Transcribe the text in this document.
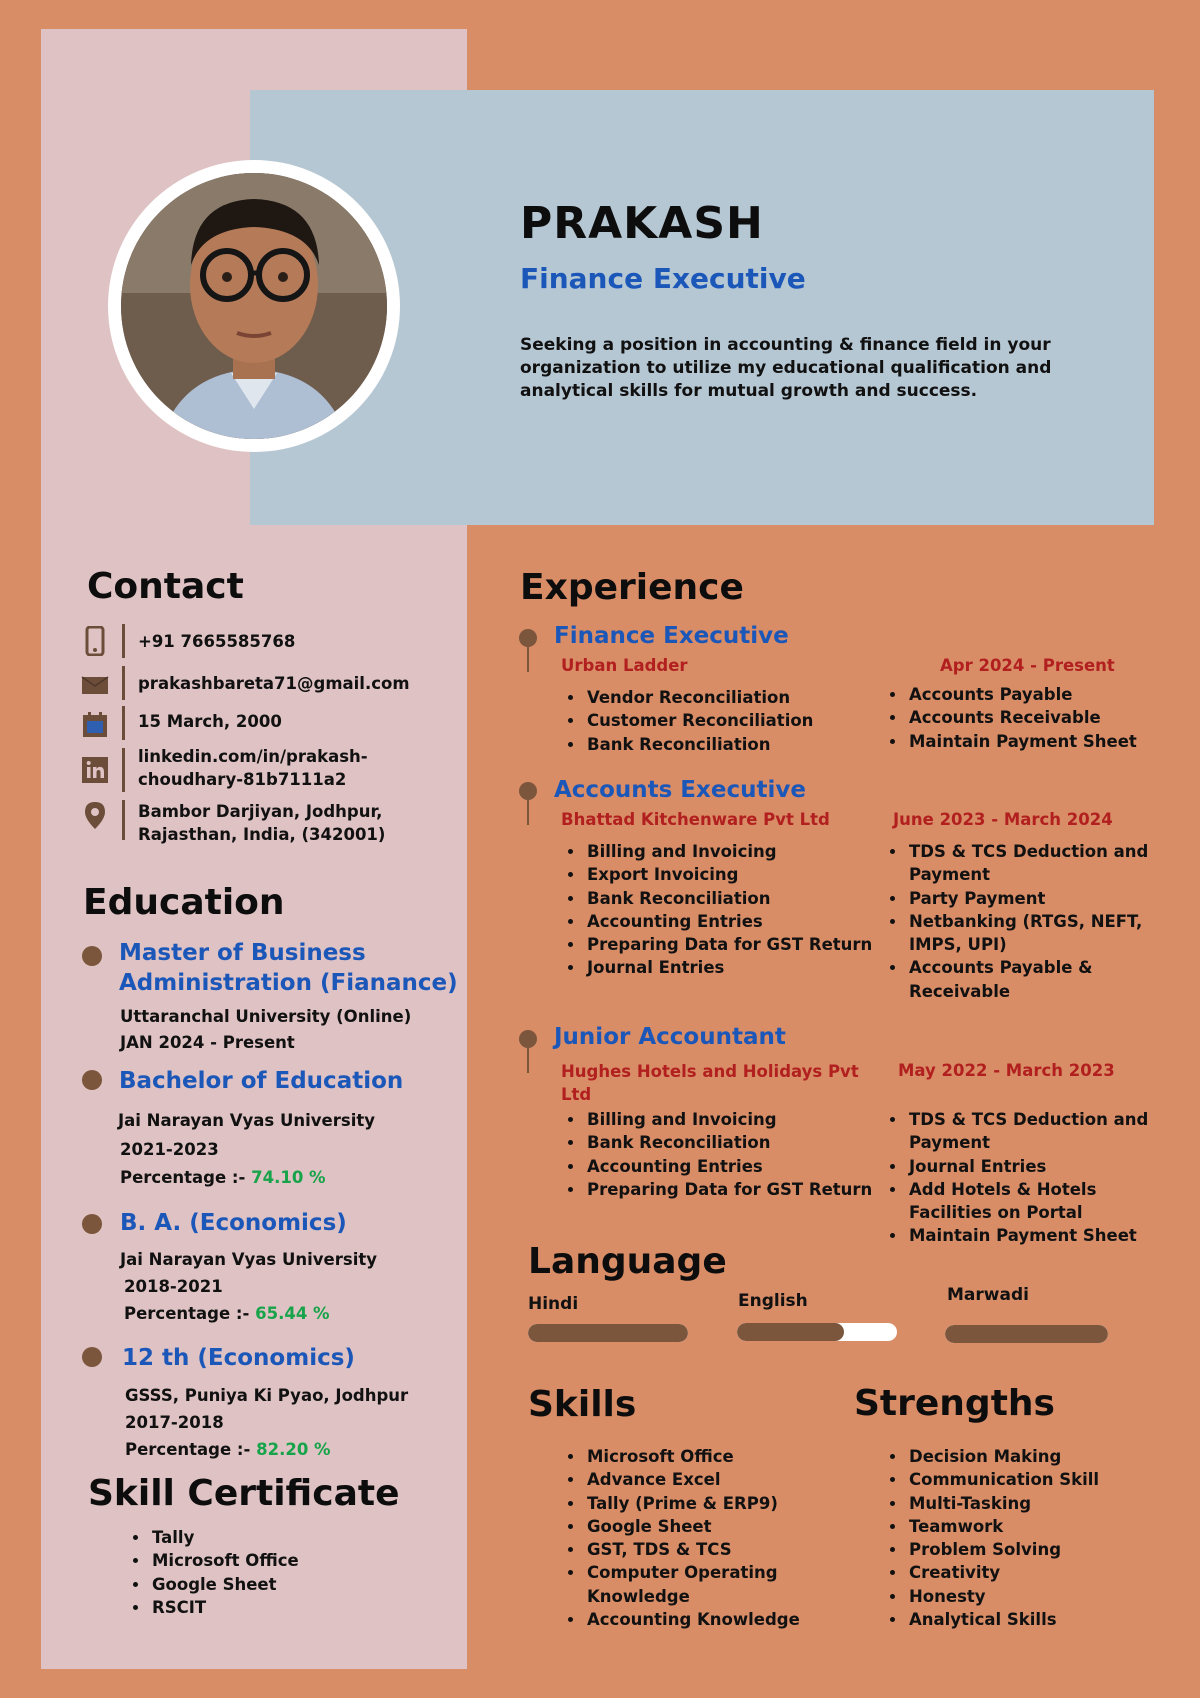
PRAKASH
Finance Executive
Seeking a position in accounting & finance field in your organization to utilize my educational qualification and analytical skills for mutual growth and success.
Contact
+91 7665585768
prakashbareta71@gmail.com
15 March, 2000
linkedin.com/in/prakash-
choudhary-81b7111a2
Bambor Darjiyan, Jodhpur,
Rajasthan, India, (342001)
Education
Master of Business
Administration (Fianance)
Uttaranchal University (Online)
JAN 2024 - Present
Bachelor of Education
Jai Narayan Vyas University
2021-2023
Percentage :- 74.10 %
B. A. (Economics)
Jai Narayan Vyas University
2018-2021
Percentage :- 65.44 %
12 th (Economics)
GSSS, Puniya Ki Pyao, Jodhpur
2017-2018
Percentage :- 82.20 %
Skill Certificate
• Tally
• Microsoft Office
• Google Sheet
• RSCIT
Experience
Finance Executive
Urban Ladder	Apr 2024 - Present
• Vendor Reconciliation
• Customer Reconciliation
• Bank Reconciliation
• Accounts Payable
• Accounts Receivable
• Maintain Payment Sheet
Accounts Executive
Bhattad Kitchenware Pvt Ltd	June 2023 - March 2024
• Billing and Invoicing
• Export Invoicing
• Bank Reconciliation
• Accounting Entries
• Preparing Data for GST Return
• Journal Entries
• TDS & TCS Deduction and Payment
• Party Payment
• Netbanking (RTGS, NEFT, IMPS, UPI)
• Accounts Payable & Receivable
Junior Accountant
Hughes Hotels and Holidays Pvt Ltd
May 2022 - March 2023
• Billing and Invoicing
• Bank Reconciliation
• Accounting Entries
• Preparing Data for GST Return
• TDS & TCS Deduction and Payment
• Journal Entries
• Add Hotels & Hotels Facilities on Portal
• Maintain Payment Sheet
Language
Hindi	English	Marwadi
Skills
• Microsoft Office
• Advance Excel
• Tally (Prime & ERP9)
• Google Sheet
• GST, TDS & TCS
• Computer Operating Knowledge
• Accounting Knowledge
Strengths
• Decision Making
• Communication Skill
• Multi-Tasking
• Teamwork
• Problem Solving
• Creativity
• Honesty
• Analytical Skills
